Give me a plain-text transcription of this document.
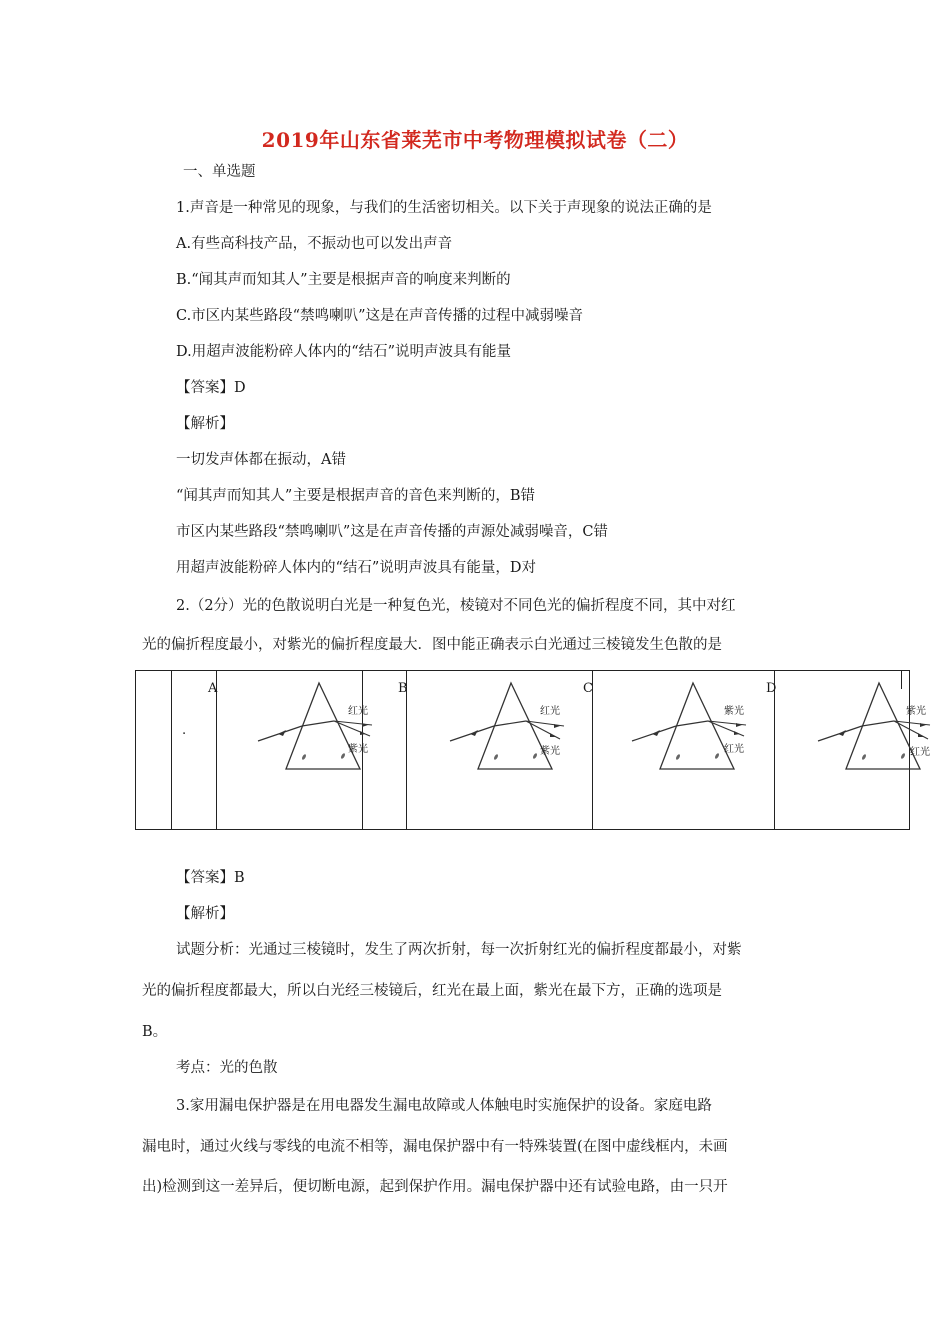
2019年山东省莱芜市中考物理模拟试卷（二）
一、单选题
1.声音是一种常见的现象，与我们的生活密切相关。以下关于声现象的说法正确的是
A.有些高科技产品，不振动也可以发出声音
B.“闻其声而知其人”主要是根据声音的响度来判断的
C.市区内某些路段“禁鸣喇叭”这是在声音传播的过程中减弱噪音
D.用超声波能粉碎人体内的“结石”说明声波具有能量
【答案】D
【解析】
一切发声体都在振动，A错
“闻其声而知其人”主要是根据声音的音色来判断的，B错
市区内某些路段“禁鸣喇叭”这是在声音传播的声源处减弱噪音，C错
用超声波能粉碎人体内的“结石”说明声波具有能量，D对
2.（2分）光的色散说明白光是一种复色光，棱镜对不同色光的偏折程度不同，其中对红
光的偏折程度最小，对紫光的偏折程度最大．图中能正确表示白光通过三棱镜发生色散的是
.
A	B	C	D
红光
紫光
红光
紫光
紫光
红光
紫光
红光
【答案】B
【解析】
试题分析：光通过三棱镜时，发生了两次折射，每一次折射红光的偏折程度都最小，对紫
光的偏折程度都最大，所以白光经三棱镜后，红光在最上面，紫光在最下方，正确的选项是
B。
考点：光的色散
3.家用漏电保护器是在用电器发生漏电故障或人体触电时实施保护的设备。家庭电路
漏电时，通过火线与零线的电流不相等，漏电保护器中有一特殊装置(在图中虚线框内，未画
出)检测到这一差异后，便切断电源，起到保护作用。漏电保护器中还有试验电路，由一只开
